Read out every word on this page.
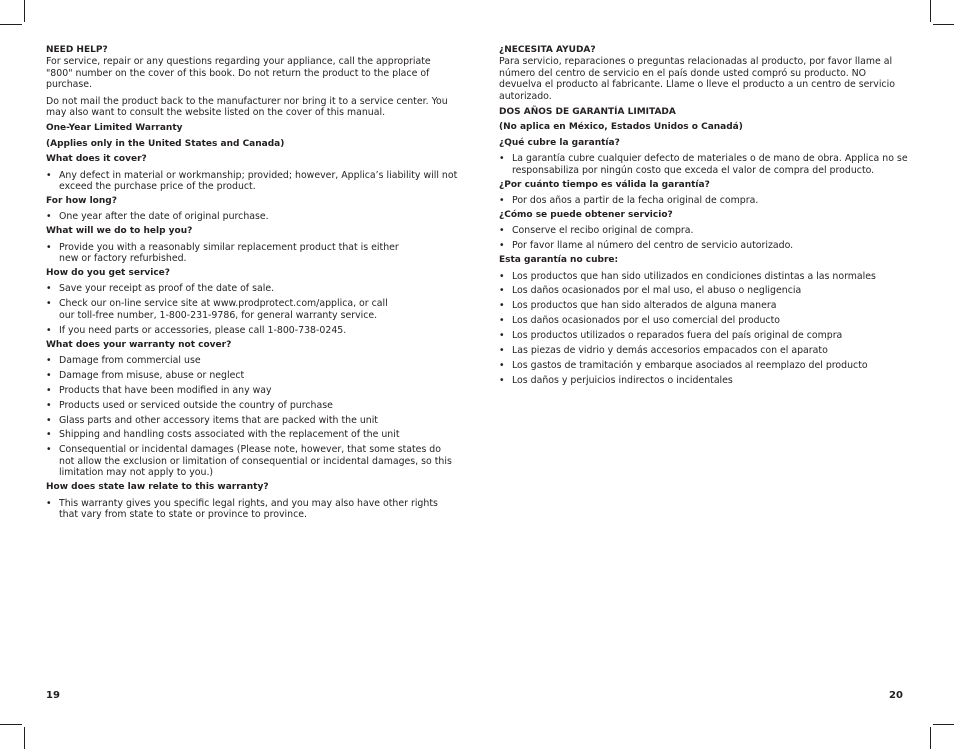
NEED HELP?
For service, repair or any questions regarding your appliance, call the appropriate "800" number on the cover of this book. Do not return the product to the place of purchase.
Do not mail the product back to the manufacturer nor bring it to a service center. You may also want to consult the website listed on the cover of this manual.
One-Year Limited Warranty
(Applies only in the United States and Canada)
What does it cover?
• Any defect in material or workmanship; provided; however, Applica’s liability will not exceed the purchase price of the product.
For how long?
• One year after the date of original purchase.
What will we do to help you?
• Provide you with a reasonably similar replacement product that is either new or factory refurbished.
How do you get service?
• Save your receipt as proof of the date of sale.
• Check our on-line service site at www.prodprotect.com/applica, or call our toll-free number, 1-800-231-9786, for general warranty service.
• If you need parts or accessories, please call 1-800-738-0245.
What does your warranty not cover?
• Damage from commercial use
• Damage from misuse, abuse or neglect
• Products that have been modified in any way
• Products used or serviced outside the country of purchase
• Glass parts and other accessory items that are packed with the unit
• Shipping and handling costs associated with the replacement of the unit
• Consequential or incidental damages (Please note, however, that some states do not allow the exclusion or limitation of consequential or incidental damages, so this limitation may not apply to you.)
How does state law relate to this warranty?
• This warranty gives you specific legal rights, and you may also have other rights that vary from state to state or province to province.
¿NECESITA AYUDA?
Para servicio, reparaciones o preguntas relacionadas al producto, por favor llame al número del centro de servicio en el país donde usted compró su producto. NO devuelva el producto al fabricante. Llame o lleve el producto a un centro de servicio autorizado.
DOS AÑOS DE GARANTÍA LIMITADA
(No aplica en México, Estados Unidos o Canadá)
¿Qué cubre la garantía?
• La garantía cubre cualquier defecto de materiales o de mano de obra. Applica no se responsabiliza por ningún costo que exceda el valor de compra del producto.
¿Por cuánto tiempo es válida la garantía?
• Por dos años a partir de la fecha original de compra.
¿Cómo se puede obtener servicio?
• Conserve el recibo original de compra.
• Por favor llame al número del centro de servicio autorizado.
Esta garantía no cubre:
• Los productos que han sido utilizados en condiciones distintas a las normales
• Los daños ocasionados por el mal uso, el abuso o negligencia
• Los productos que han sido alterados de alguna manera
• Los daños ocasionados por el uso comercial del producto
• Los productos utilizados o reparados fuera del país original de compra
• Las piezas de vidrio y demás accesorios empacados con el aparato
• Los gastos de tramitación y embarque asociados al reemplazo del producto
• Los daños y perjuicios indirectos o incidentales
19	20
